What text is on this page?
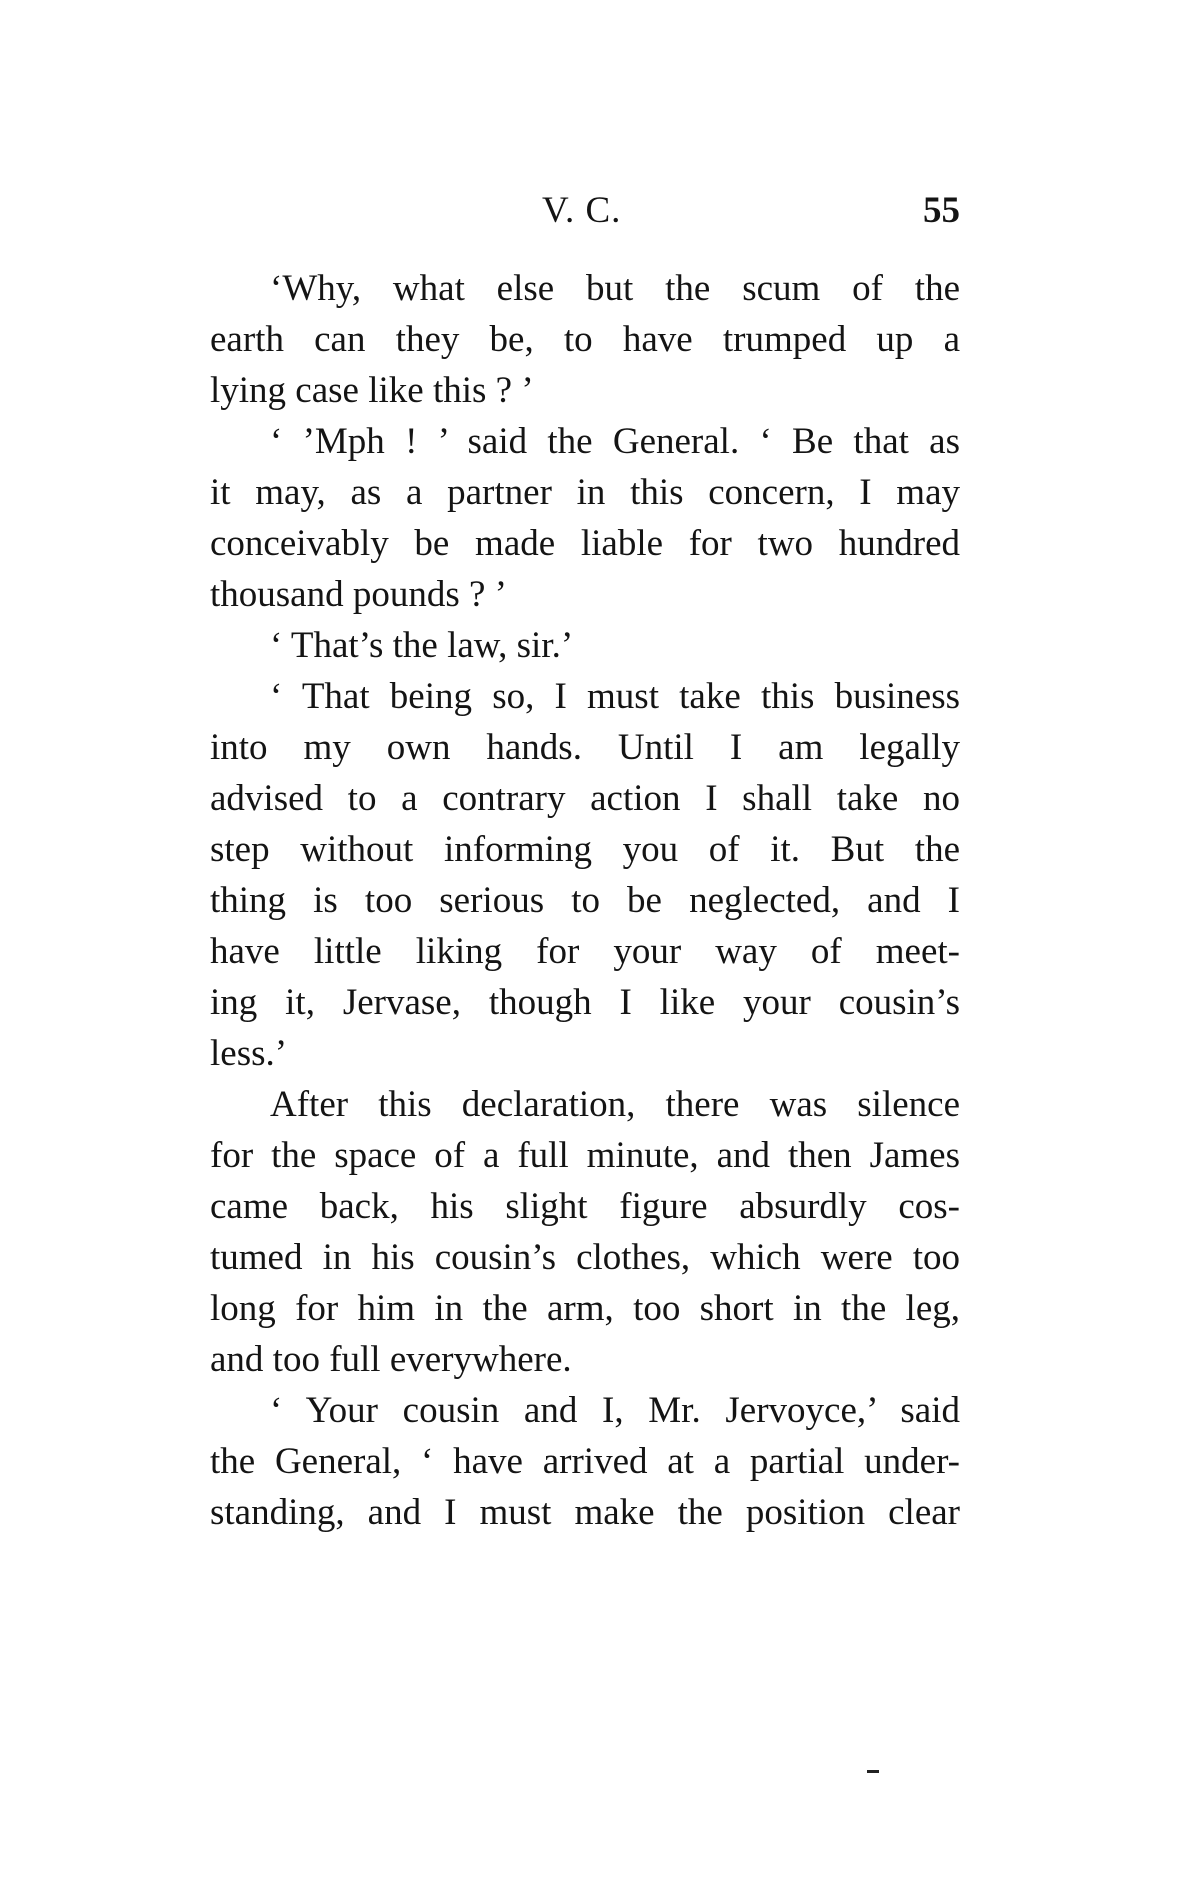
V. C.	55
‘Why, what else but the scum of the
earth can they be, to have trumped up a
lying case like this ? ’
‘ ’Mph ! ’ said the General. ‘ Be that as
it may, as a partner in this concern, I may
conceivably be made liable for two hundred
thousand pounds ? ’
‘ That’s the law, sir.’
‘ That being so, I must take this business
into my own hands. Until I am legally
advised to a contrary action I shall take no
step without informing you of it. But the
thing is too serious to be neglected, and I
have little liking for your way of meet-
ing it, Jervase, though I like your cousin’s
less.’
After this declaration, there was silence
for the space of a full minute, and then James
came back, his slight figure absurdly cos-
tumed in his cousin’s clothes, which were too
long for him in the arm, too short in the leg,
and too full everywhere.
‘ Your cousin and I, Mr. Jervoyce,’ said
the General, ‘ have arrived at a partial under-
standing, and I must make the position clear
